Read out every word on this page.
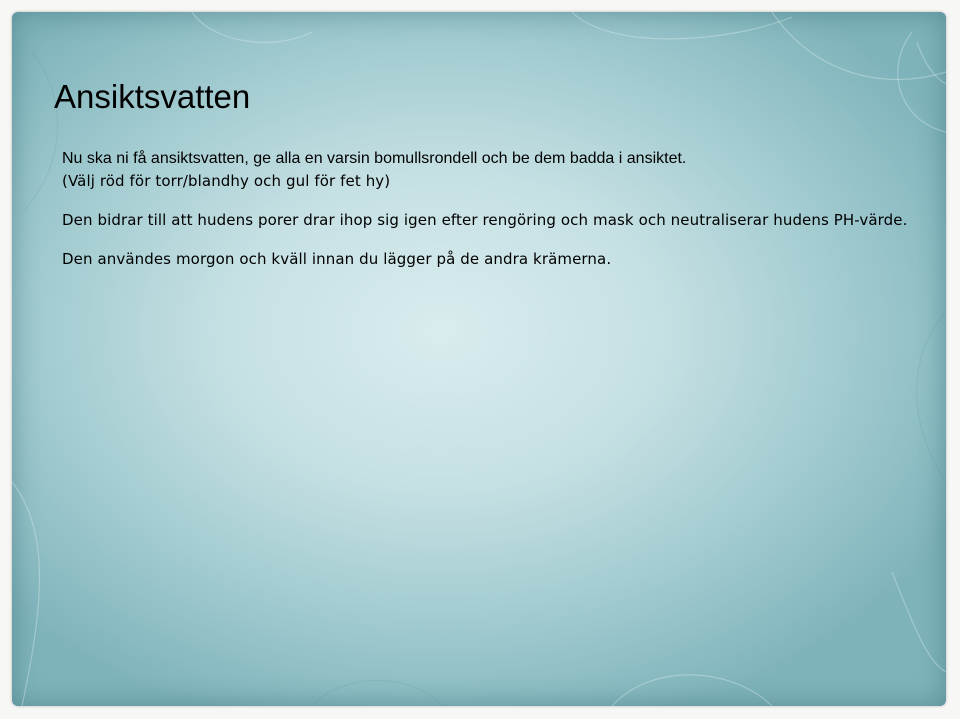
Ansiktsvatten

Nu ska ni få ansiktsvatten, ge alla en varsin bomullsrondell och be dem badda i ansiktet.

(Välj röd för torr/blandhy och gul för fet hy)

Den bidrar till att hudens porer drar ihop sig igen efter rengöring och mask och neutraliserar hudens PH-värde.

Den användes morgon och kväll innan du lägger på de andra krämerna.
